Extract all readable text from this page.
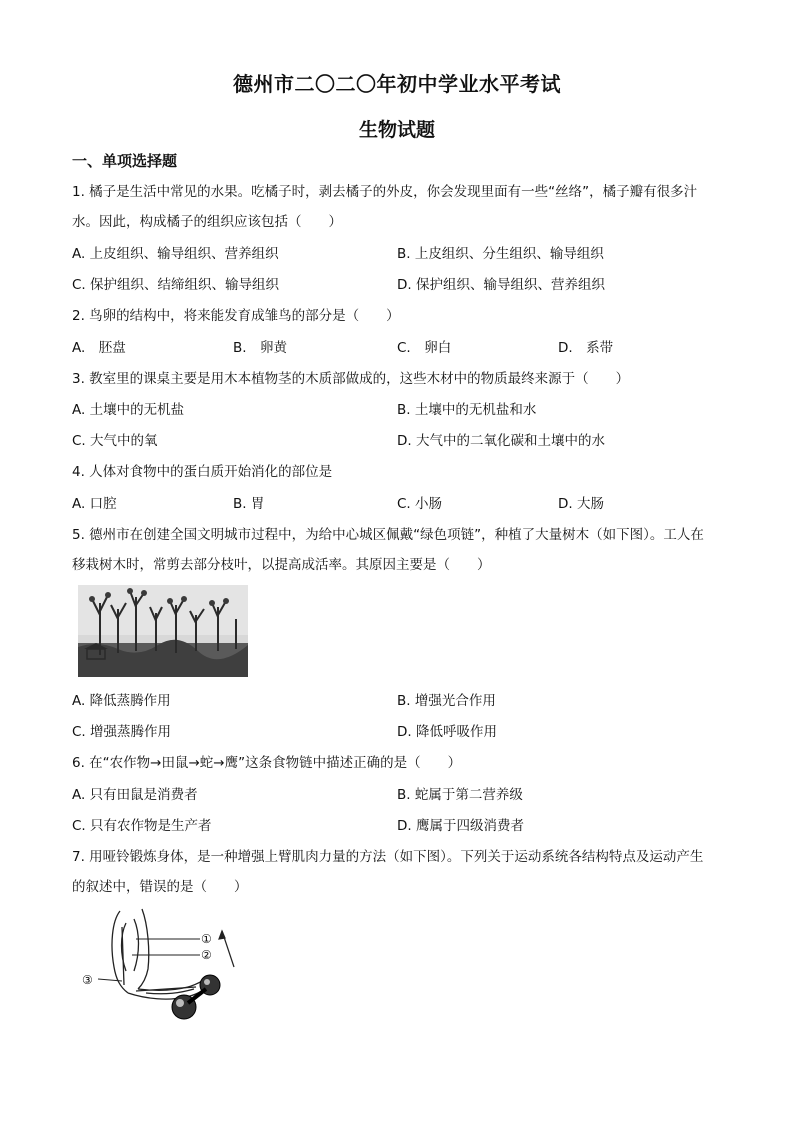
德州市二〇二〇年初中学业水平考试
生物试题
一、单项选择题
1. 橘子是生活中常见的水果。吃橘子时，剥去橘子的外皮，你会发现里面有一些“丝络”，橘子瓣有很多汁
水。因此，构成橘子的组织应该包括（　　）
A. 上皮组织、输导组织、营养组织	B. 上皮组织、分生组织、输导组织
C. 保护组织、结缔组织、输导组织	D. 保护组织、输导组织、营养组织
2. 鸟卵的结构中，将来能发育成雏鸟的部分是（　　）
A.　胚盘	B.　卵黄	C.　卵白	D.　系带
3. 教室里的课桌主要是用木本植物茎的木质部做成的，这些木材中的物质最终来源于（　　）
A. 土壤中的无机盐	B. 土壤中的无机盐和水
C. 大气中的氧	D. 大气中的二氧化碳和土壤中的水
4. 人体对食物中的蛋白质开始消化的部位是
A. 口腔	B. 胃	C. 小肠	D. 大肠
5. 德州市在创建全国文明城市过程中，为给中心城区佩戴“绿色项链”，种植了大量树木（如下图）。工人在
移栽树木时，常剪去部分枝叶，以提高成活率。其原因主要是（　　）
A. 降低蒸腾作用	B. 增强光合作用
C. 增强蒸腾作用	D. 降低呼吸作用
6. 在“农作物→田鼠→蛇→鹰”这条食物链中描述正确的是（　　）
A. 只有田鼠是消费者	B. 蛇属于第二营养级
C. 只有农作物是生产者	D. 鹰属于四级消费者
7. 用哑铃锻炼身体，是一种增强上臂肌肉力量的方法（如下图）。下列关于运动系统各结构特点及运动产生
的叙述中，错误的是（　　）
①
②
③
